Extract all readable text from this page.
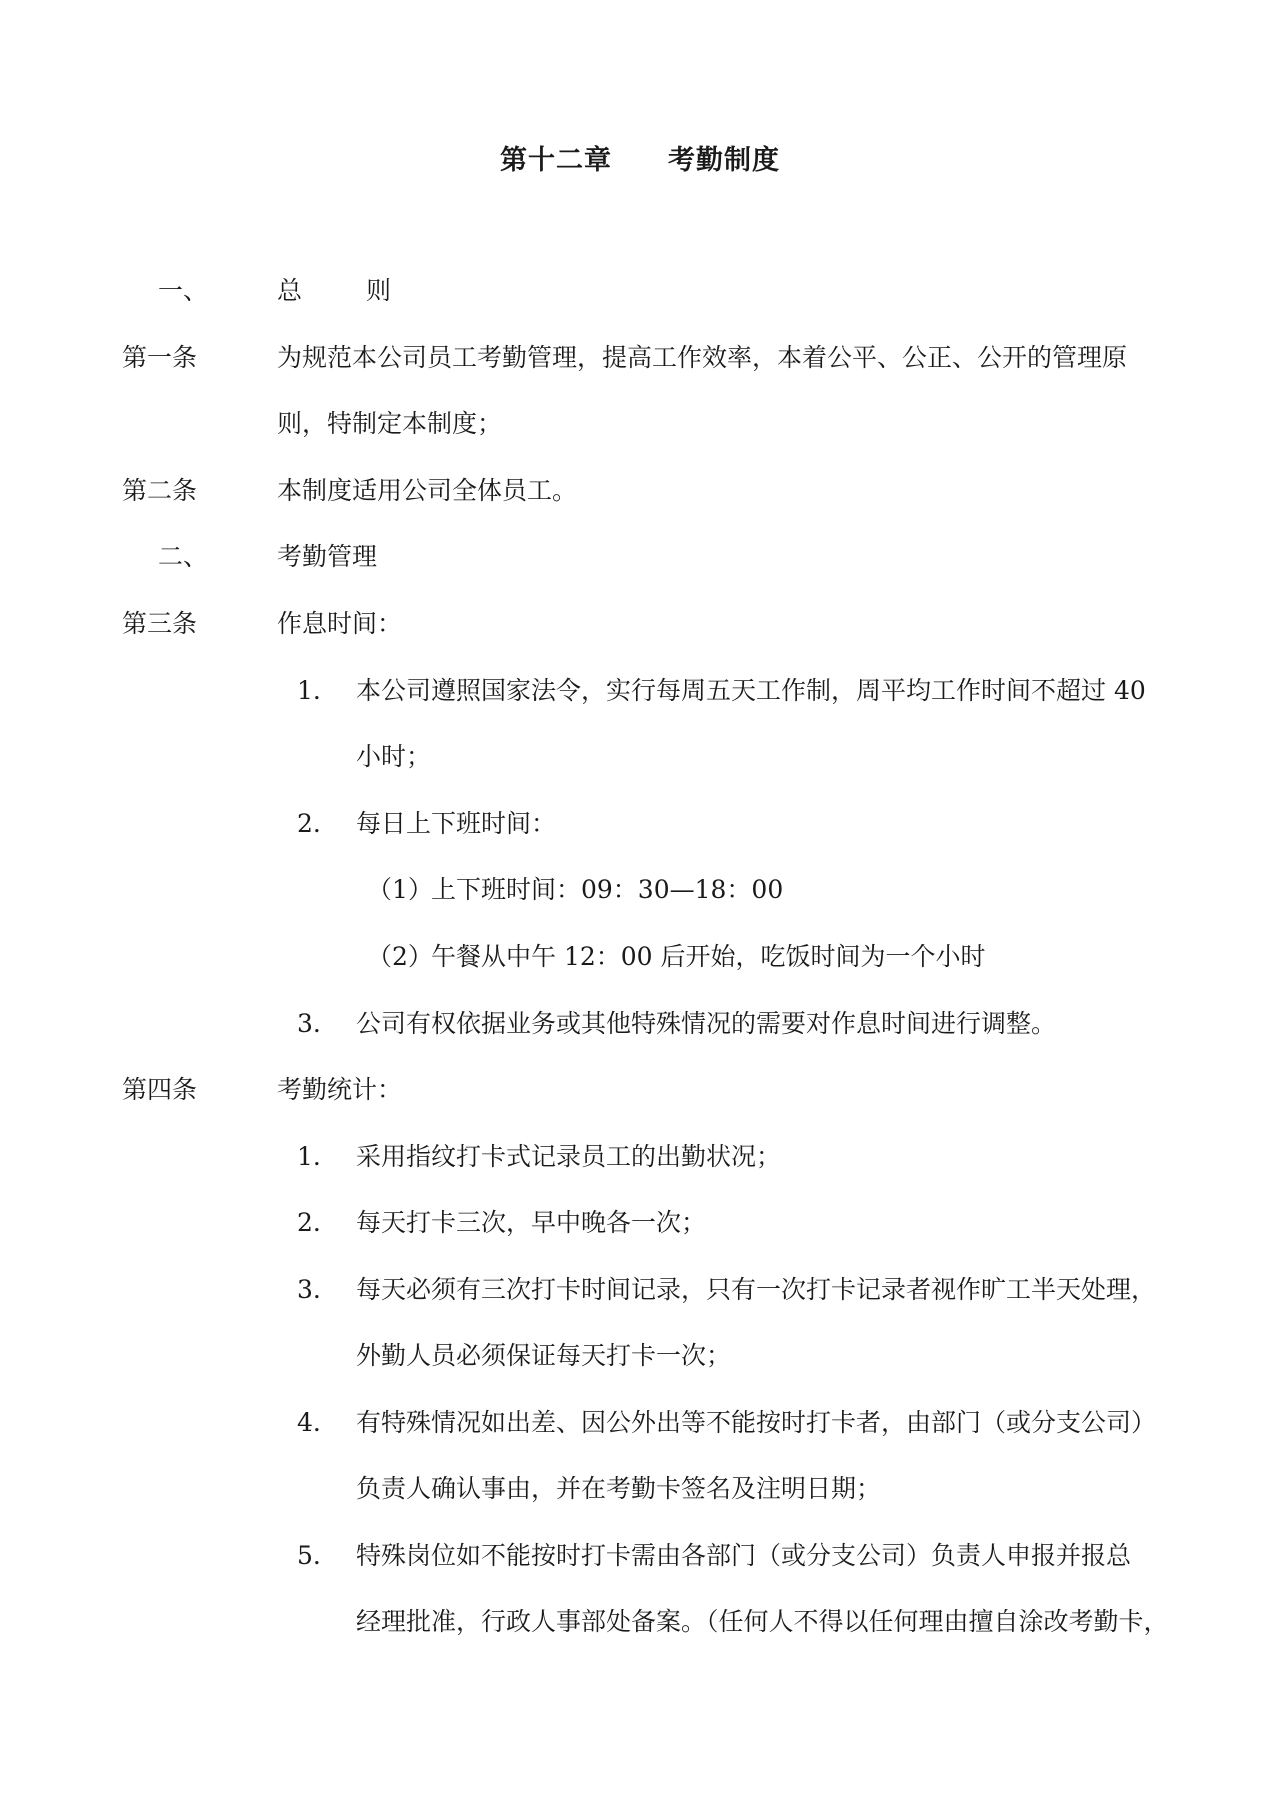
第十二章　　考勤制度
一、	总 则
第一条	为规范本公司员工考勤管理，提高工作效率，本着公平、公正、公开的管理原
则，特制定本制度；
第二条	本制度适用公司全体员工。
二、	考勤管理
第三条	作息时间：
1. 本公司遵照国家法令，实行每周五天工作制，周平均工作时间不超过 40
小时；
2. 每日上下班时间：
（1）
上下班时间：09：30—18：00
（2）
午餐从中午 12：00 后开始，吃饭时间为一个小时
3. 公司有权依据业务或其他特殊情况的需要对作息时间进行调整。
第四条	考勤统计：
1. 采用指纹打卡式记录员工的出勤状况；
2. 每天打卡三次，早中晚各一次；
3. 每天必须有三次打卡时间记录，只有一次打卡记录者视作旷工半天处理，
外勤人员必须保证每天打卡一次；
4. 有特殊情况如出差、因公外出等不能按时打卡者，由部门（或分支公司）
负责人确认事由，并在考勤卡签名及注明日期；
5. 特殊岗位如不能按时打卡需由各部门（或分支公司）负责人申报并报总
经理批准，行政人事部处备案。（任何人不得以任何理由擅自涂改考勤卡，
